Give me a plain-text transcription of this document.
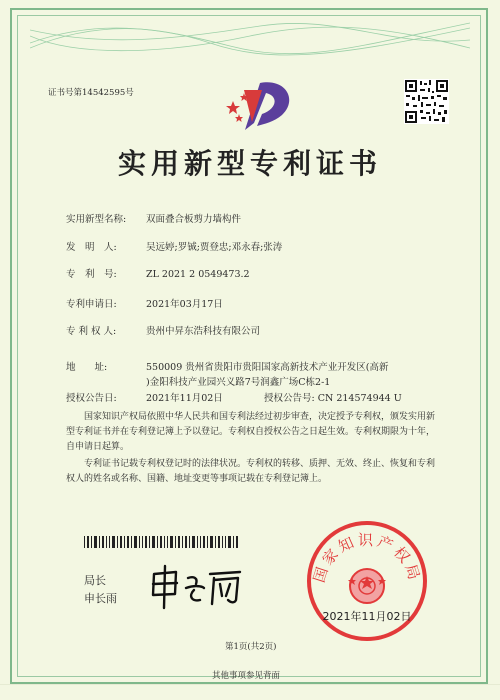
证书号第14542595号
实用新型专利证书
实用新型名称:	双面叠合板剪力墙构件
发　明　人:	吴远婷;罗铖;贾登忠;邓永春;张涛
专　利　号:	ZL 2021 2 0549473.2
专利申请日:	2021年03月17日
专 利 权 人:	贵州中昇东浩科技有限公司
地　　址:	550009 贵州省贵阳市贵阳国家高新技术产业开发区(高新
)金阳科技产业园兴义路7号润鑫广场C栋2-1
授权公告日:	2021年11月02日	授权公告号: CN 214574944 U
国家知识产权局依照中华人民共和国专利法经过初步审查，决定授予专利权，颁发实用新型专利证书并在专利登记簿上予以登记。专利权自授权公告之日起生效。专利权期限为十年，自申请日起算。
专利证书记载专利权登记时的法律状况。专利权的转移、质押、无效、终止、恢复和专利权人的姓名或名称、国籍、地址变更等事项记载在专利登记簿上。
局长
申长雨
国家知识产权局
2021年11月02日
第1页(共2页)
其他事项参见背面
